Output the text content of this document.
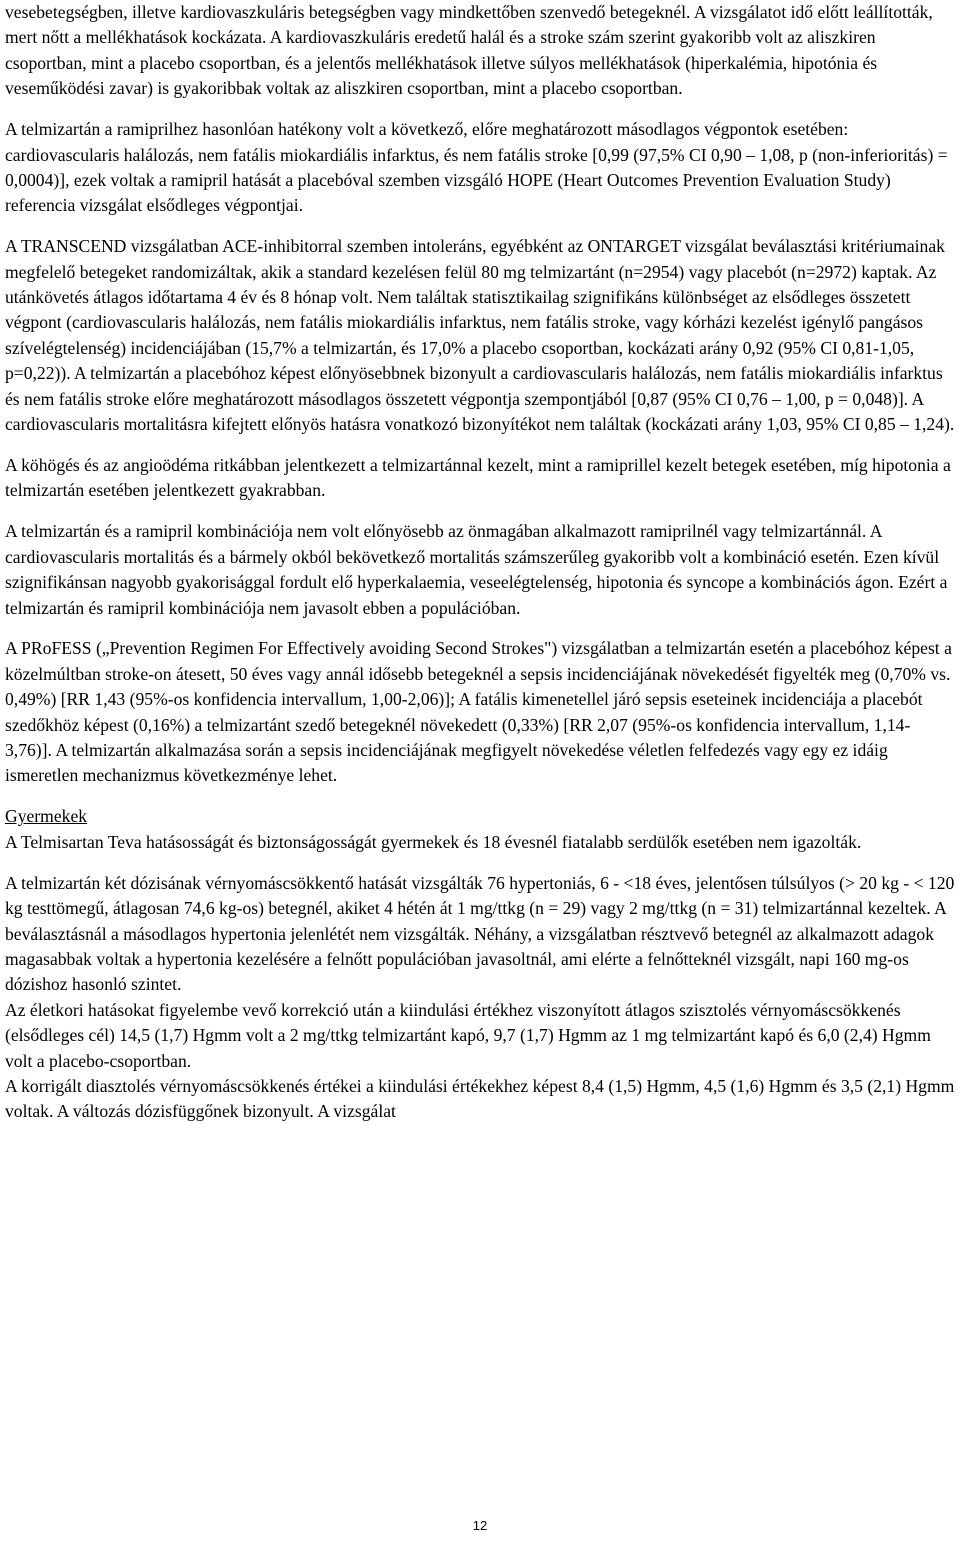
vesebetegségben, illetve kardiovaszkuláris betegségben vagy mindkettőben szenvedő betegeknél. A vizsgálatot idő előtt leállították, mert nőtt a mellékhatások kockázata. A kardiovaszkuláris eredetű halál és a stroke szám szerint gyakoribb volt az aliszkiren csoportban, mint a placebo csoportban, és a jelentős mellékhatások illetve súlyos mellékhatások (hiperkalémia, hipotónia és veseműködési zavar) is gyakoribbak voltak az aliszkiren csoportban, mint a placebo csoportban.

A telmizartán a ramiprilhez hasonlóan hatékony volt a következő, előre meghatározott másodlagos végpontok esetében: cardiovascularis halálozás, nem fatális miokardiális infarktus, és nem fatális stroke [0,99 (97,5% CI 0,90 – 1,08, p (non-inferioritás) = 0,0004)], ezek voltak a ramipril hatását a placebóval szemben vizsgáló HOPE (Heart Outcomes Prevention Evaluation Study) referencia vizsgálat elsődleges végpontjai.

A TRANSCEND vizsgálatban ACE-inhibitorral szemben intoleráns, egyébként az ONTARGET vizsgálat beválasztási kritériumainak megfelelő betegeket randomizáltak, akik a standard kezelésen felül 80 mg telmizartánt (n=2954) vagy placebót (n=2972) kaptak. Az utánkövetés átlagos időtartama 4 év és 8 hónap volt. Nem találtak statisztikailag szignifikáns különbséget az elsődleges összetett végpont (cardiovascularis halálozás, nem fatális miokardiális infarktus, nem fatális stroke, vagy kórházi kezelést igénylő pangásos szívelégtelenség) incidenciájában (15,7% a telmizartán, és 17,0% a placebo csoportban, kockázati arány 0,92 (95% CI 0,81-1,05, p=0,22)). A telmizartán a placebóhoz képest előnyösebbnek bizonyult a cardiovascularis halálozás, nem fatális miokardiális infarktus és nem fatális stroke előre meghatározott másodlagos összetett végpontja szempontjából [0,87 (95% CI 0,76 – 1,00, p = 0,048)]. A cardiovascularis mortalitásra kifejtett előnyös hatásra vonatkozó bizonyítékot nem találtak (kockázati arány 1,03, 95% CI 0,85 – 1,24).

A köhögés és az angioödéma ritkábban jelentkezett a telmizartánnal kezelt, mint a ramiprillel kezelt betegek esetében, míg hipotonia a telmizartán esetében jelentkezett gyakrabban.

A telmizartán és a ramipril kombinációja nem volt előnyösebb az önmagában alkalmazott ramiprilnél vagy telmizartánnál. A cardiovascularis mortalitás és a bármely okból bekövetkező mortalitás számszerűleg gyakoribb volt a kombináció esetén. Ezen kívül szignifikánsan nagyobb gyakorisággal fordult elő hyperkalaemia, veseelégtelenség, hipotonia és syncope a kombinációs ágon. Ezért a telmizartán és ramipril kombinációja nem javasolt ebben a populációban.

A PRoFESS („Prevention Regimen For Effectively avoiding Second Strokes") vizsgálatban a telmizartán esetén a placebóhoz képest a közelmúltban stroke-on átesett, 50 éves vagy annál idősebb betegeknél a sepsis incidenciájának növekedését figyelték meg (0,70% vs. 0,49%) [RR 1,43 (95%-os konfidencia intervallum, 1,00-2,06)]; A fatális kimenetellel járó sepsis eseteinek incidenciája a placebót szedőkhöz képest (0,16%) a telmizartánt szedő betegeknél növekedett (0,33%) [RR 2,07 (95%-os konfidencia intervallum, 1,14-3,76)]. A telmizartán alkalmazása során a sepsis incidenciájának megfigyelt növekedése véletlen felfedezés vagy egy ez idáig ismeretlen mechanizmus következménye lehet.

Gyermekek

A Telmisartan Teva hatásosságát és biztonságosságát gyermekek és 18 évesnél fiatalabb serdülők esetében nem igazolták.

A telmizartán két dózisának vérnyomáscsökkentő hatását vizsgálták 76 hypertoniás, 6 - <18 éves, jelentősen túlsúlyos (> 20 kg - < 120 kg testtömegű, átlagosan 74,6 kg-os) betegnél, akiket 4 hétén át 1 mg/ttkg (n = 29) vagy 2 mg/ttkg (n = 31) telmizartánnal kezeltek. A beválasztásnál a másodlagos hypertonia jelenlétét nem vizsgálták. Néhány, a vizsgálatban résztvevő betegnél az alkalmazott adagok magasabbak voltak a hypertonia kezelésére a felnőtt populációban javasoltnál, ami elérte a felnőtteknél vizsgált, napi 160 mg-os dózishoz hasonló szintet.

Az életkori hatásokat figyelembe vevő korrekció után a kiindulási értékhez viszonyított átlagos szisztolés vérnyomáscsökkenés (elsődleges cél) 14,5 (1,7) Hgmm volt a 2 mg/ttkg telmizartánt kapó, 9,7 (1,7) Hgmm az 1 mg telmizartánt kapó és 6,0 (2,4) Hgmm volt a placebo-csoportban.

A korrigált diasztolés vérnyomáscsökkenés értékei a kiindulási értékekhez képest 8,4 (1,5) Hgmm, 4,5 (1,6) Hgmm és 3,5 (2,1) Hgmm voltak. A változás dózisfüggőnek bizonyult. A vizsgálat

12
